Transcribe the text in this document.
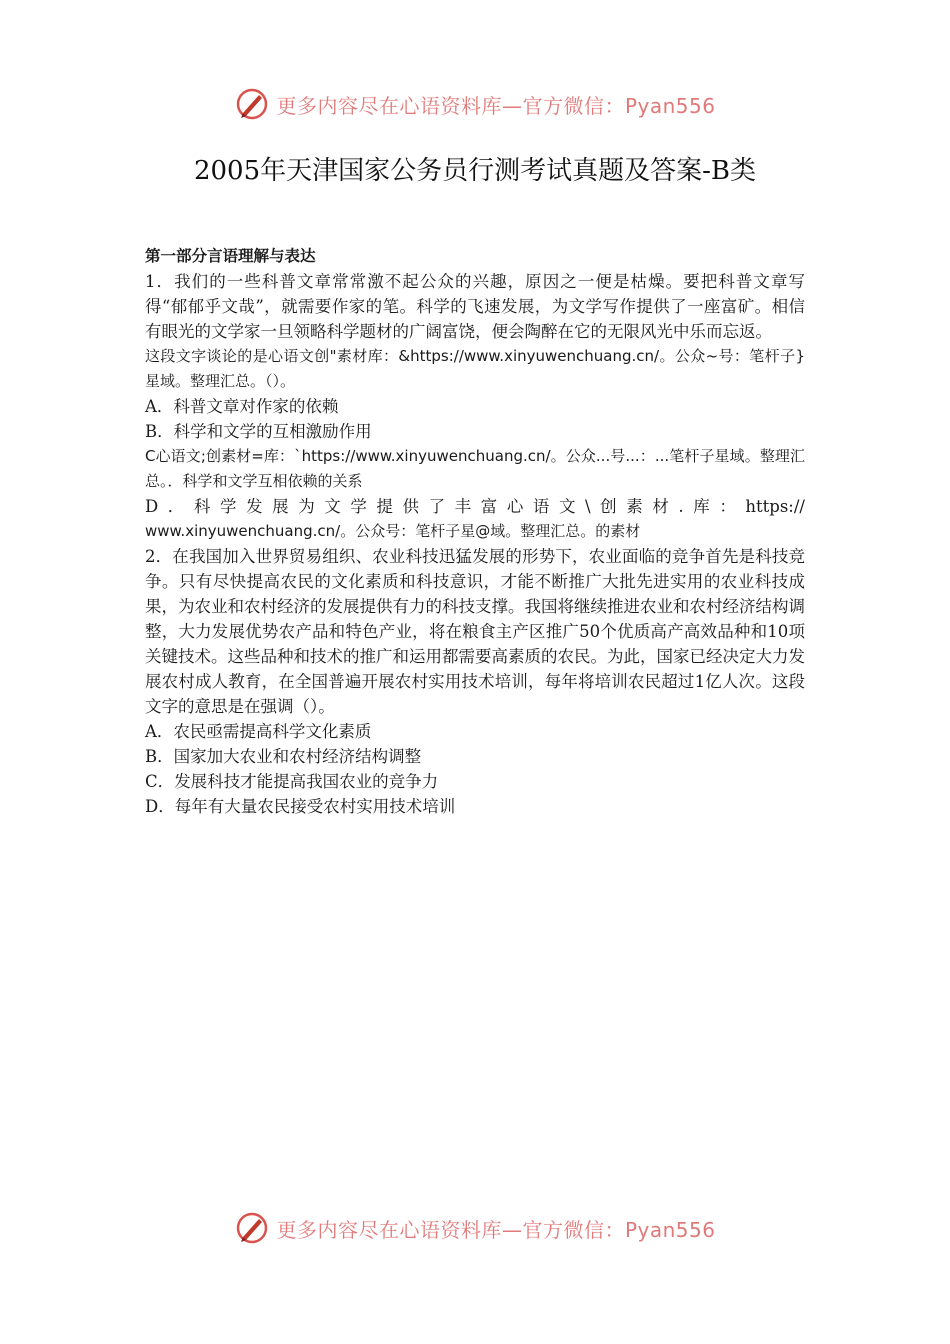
更多内容尽在心语资料库—官方微信：Pyan556
2005年天津国家公务员行测考试真题及答案-B类

第一部分言语理解与表达

1．我们的一些科普文章常常激不起公众的兴趣，原因之一便是枯燥。要把科普文章写得“郁郁乎文哉”，就需要作家的笔。科学的飞速发展，为文学写作提供了一座富矿。相信有眼光的文学家一旦领略科学题材的广阔富饶，便会陶醉在它的无限风光中乐而忘返。

这段文字谈论的是心语文创"素材库：&https://www.xinyuwenchuang.cn/。公众~号：笔杆子}星域。整理汇总。（）。

A．科普文章对作家的依赖

B．科学和文学的互相激励作用

C心语文;创素材=库：`https://www.xinyuwenchuang.cn/。公众...号...：...笔杆子星域。整理汇总。．科学和文学互相依赖的关系

D．科学发展为文学提供了丰富心语文\创素材.库：https://

www.xinyuwenchuang.cn/。公众号：笔杆子星@域。整理汇总。的素材

2．在我国加入世界贸易组织、农业科技迅猛发展的形势下，农业面临的竞争首先是科技竞争。只有尽快提高农民的文化素质和科技意识，才能不断推广大批先进实用的农业科技成果，为农业和农村经济的发展提供有力的科技支撑。我国将继续推进农业和农村经济结构调整，大力发展优势农产品和特色产业，将在粮食主产区推广50个优质高产高效品种和10项关键技术。这些品种和技术的推广和运用都需要高素质的农民。为此，国家已经决定大力发展农村成人教育，在全国普遍开展农村实用技术培训，每年将培训农民超过1亿人次。这段文字的意思是在强调（）。

A．农民亟需提高科学文化素质

B．国家加大农业和农村经济结构调整

C．发展科技才能提高我国农业的竞争力

D．每年有大量农民接受农村实用技术培训

更多内容尽在心语资料库—官方微信：Pyan556
